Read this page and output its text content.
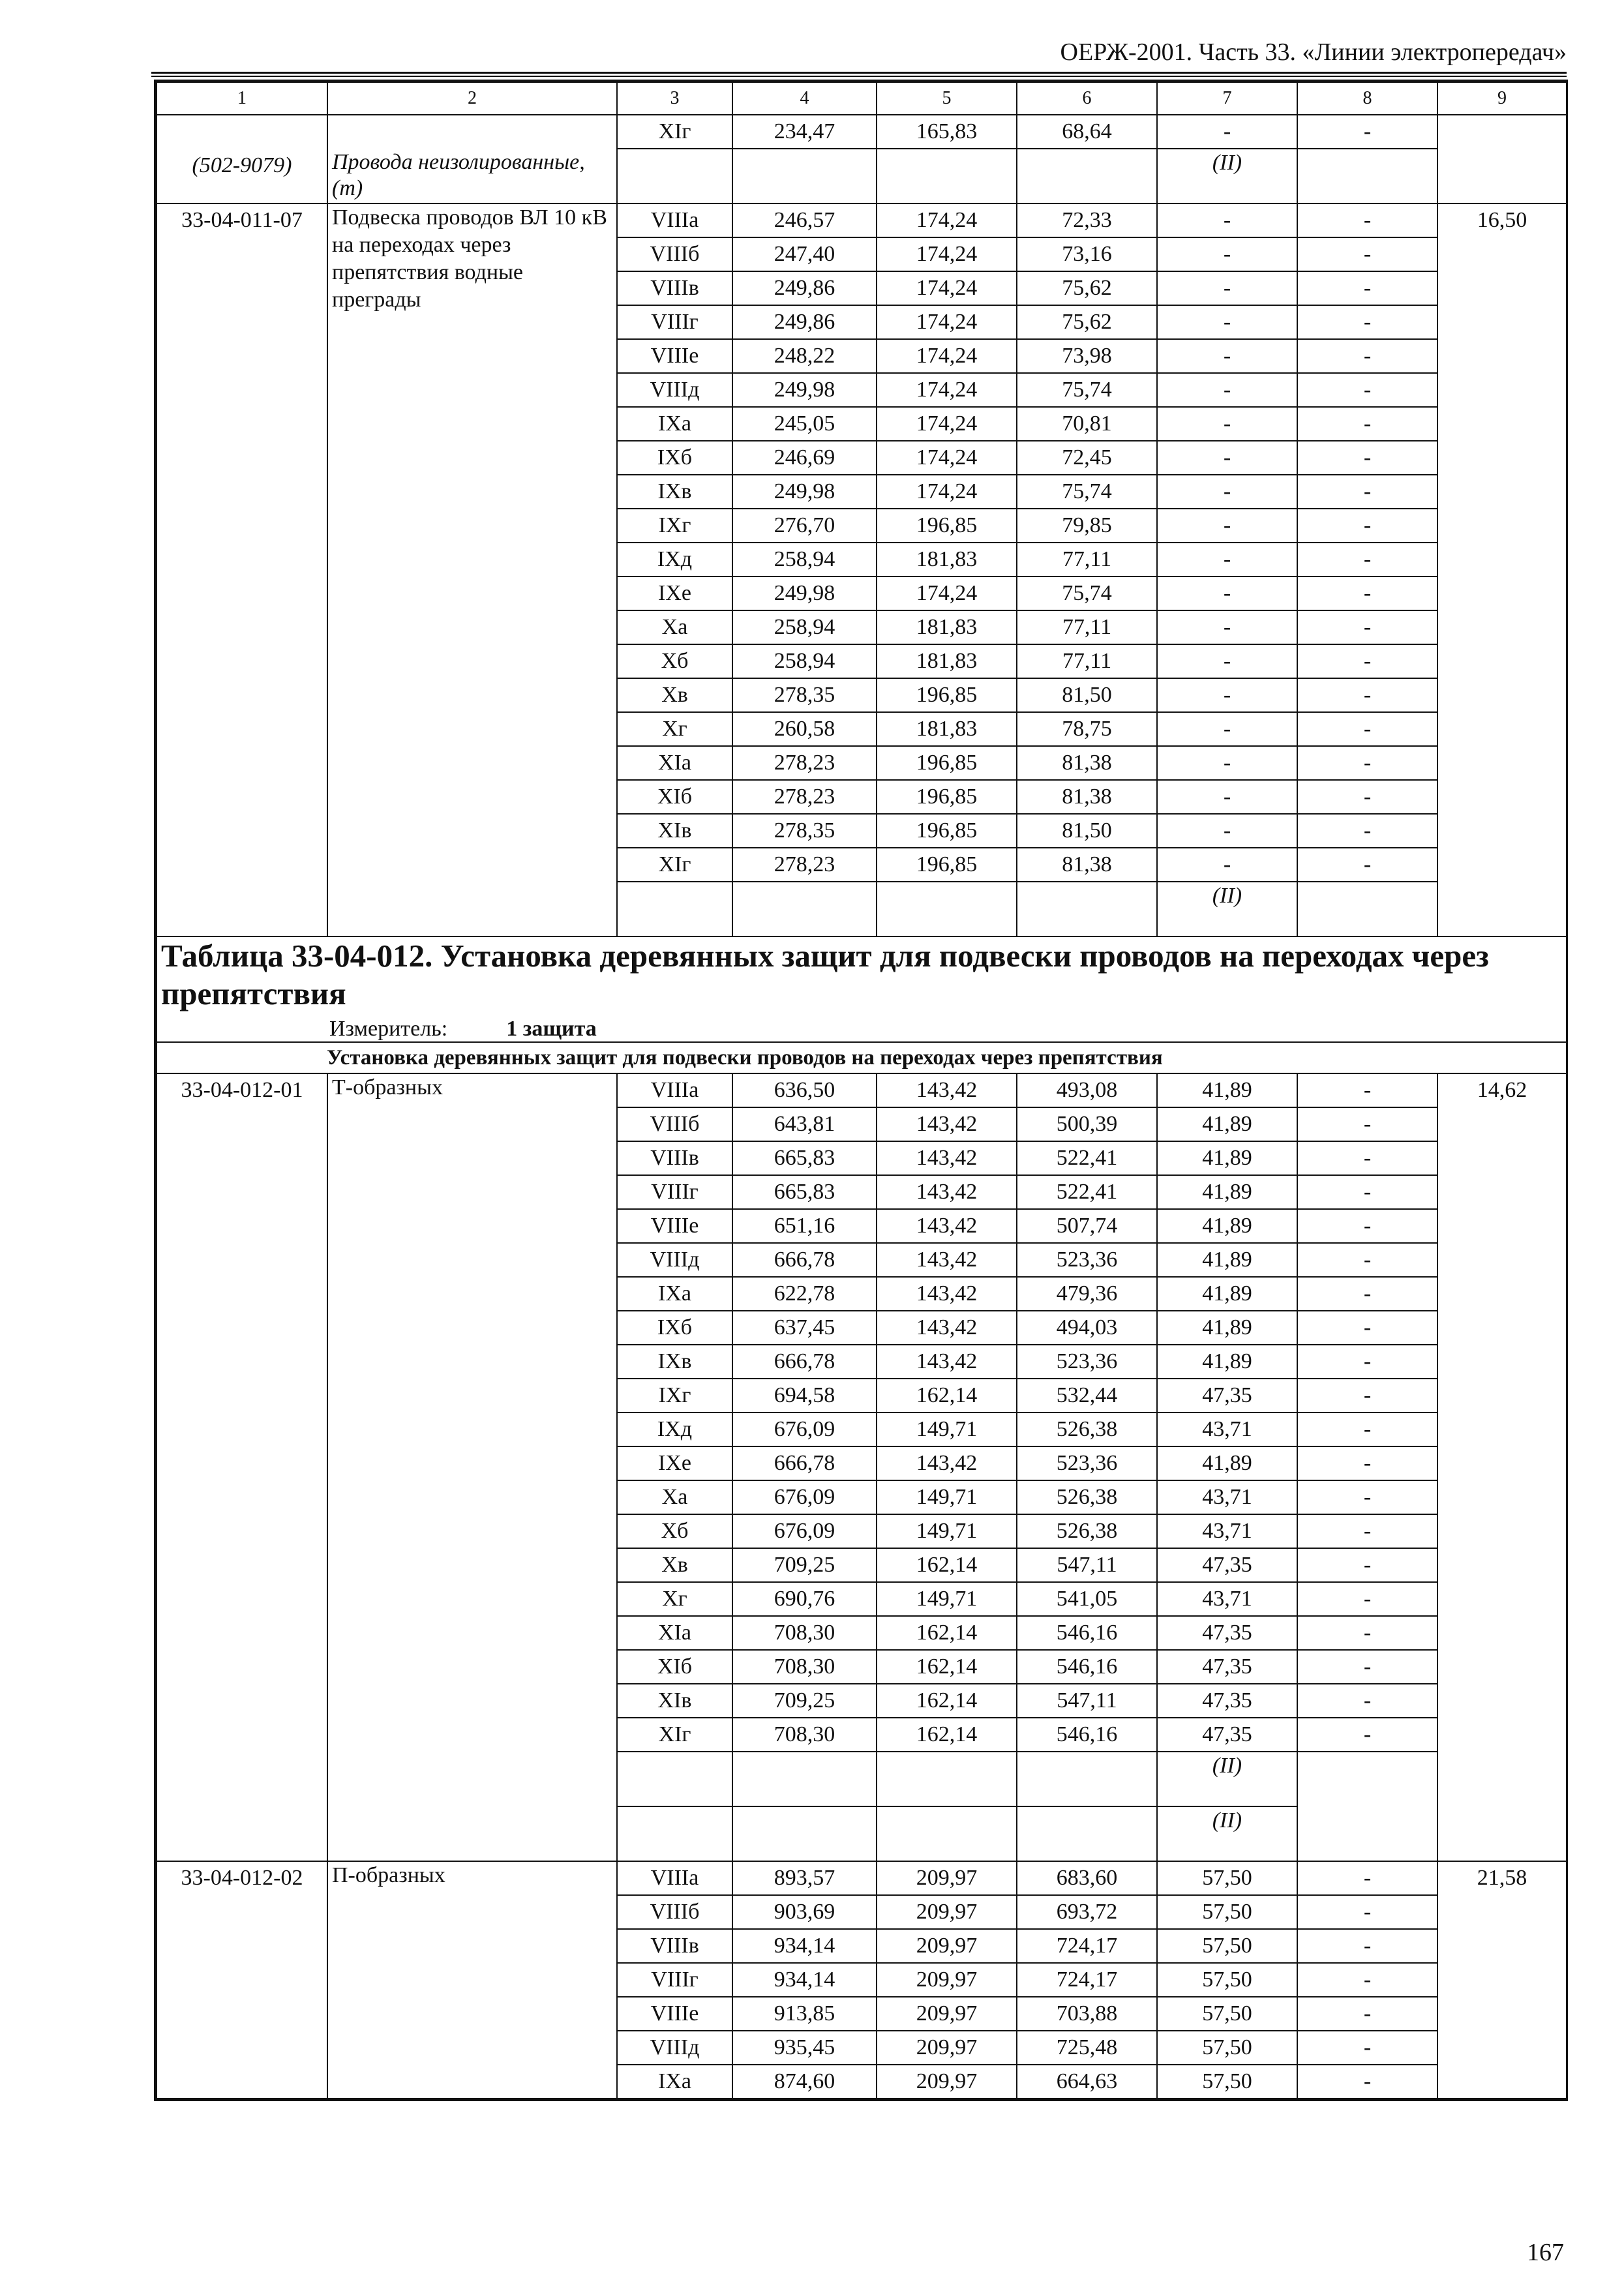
ОЕРЖ-2001. Часть 33. «Линии электропередач»
1	2	3	4	5	6	7	8	9

(502-9079)	Провода неизолированные, (т)	XIг	234,47	165,83	68,64	-	-	
						(II)		
33-04-011-07	Подвеска проводов ВЛ 10 кВ на переходах через препятствия водные преграды	VIIIа	246,57	174,24	72,33	-	-	16,50
		VIIIб	247,40	174,24	73,16	-	-	
		VIIIв	249,86	174,24	75,62	-	-	
		VIIIг	249,86	174,24	75,62	-	-	
		VIIIе	248,22	174,24	73,98	-	-	
		VIIIд	249,98	174,24	75,74	-	-	
		IXа	245,05	174,24	70,81	-	-	
		IXб	246,69	174,24	72,45	-	-	
		IXв	249,98	174,24	75,74	-	-	
		IXг	276,70	196,85	79,85	-	-	
		IXд	258,94	181,83	77,11	-	-	
		IXе	249,98	174,24	75,74	-	-	
		Xа	258,94	181,83	77,11	-	-	
		Xб	258,94	181,83	77,11	-	-	
		Xв	278,35	196,85	81,50	-	-	
		Xг	260,58	181,83	78,75	-	-	
		XIа	278,23	196,85	81,38	-	-	
		XIб	278,23	196,85	81,38	-	-	
		XIв	278,35	196,85	81,50	-	-	
		XIг	278,23	196,85	81,38	-	-	
						(II)		

Таблица 33-04-012. Установка деревянных защит для подвески проводов на переходах через препятствия
Измеритель: 1 защита								

Установка деревянных защит для подвески проводов на переходах через препятствия								
33-04-012-01	Т-образных	VIIIа	636,50	143,42	493,08	41,89	-	14,62
		VIIIб	643,81	143,42	500,39	41,89	-	
		VIIIв	665,83	143,42	522,41	41,89	-	
		VIIIг	665,83	143,42	522,41	41,89	-	
		VIIIе	651,16	143,42	507,74	41,89	-	
		VIIIд	666,78	143,42	523,36	41,89	-	
		IXа	622,78	143,42	479,36	41,89	-	
		IXб	637,45	143,42	494,03	41,89	-	
		IXв	666,78	143,42	523,36	41,89	-	
		IXг	694,58	162,14	532,44	47,35	-	
		IXд	676,09	149,71	526,38	43,71	-	
		IXе	666,78	143,42	523,36	41,89	-	
		Xа	676,09	149,71	526,38	43,71	-	
		Xб	676,09	149,71	526,38	43,71	-	
		Xв	709,25	162,14	547,11	47,35	-	
		Xг	690,76	149,71	541,05	43,71	-	
		XIа	708,30	162,14	546,16	47,35	-	
		XIб	708,30	162,14	546,16	47,35	-	
		XIв	709,25	162,14	547,11	47,35	-	
		XIг	708,30	162,14	546,16	47,35	-	
						(II)		
						(II)		
33-04-012-02	П-образных	VIIIа	893,57	209,97	683,60	57,50	-	21,58
		VIIIб	903,69	209,97	693,72	57,50	-	
		VIIIв	934,14	209,97	724,17	57,50	-	
		VIIIг	934,14	209,97	724,17	57,50	-	
		VIIIе	913,85	209,97	703,88	57,50	-	
		VIIIд	935,45	209,97	725,48	57,50	-	
		IXа	874,60	209,97	664,63	57,50	-	
167
